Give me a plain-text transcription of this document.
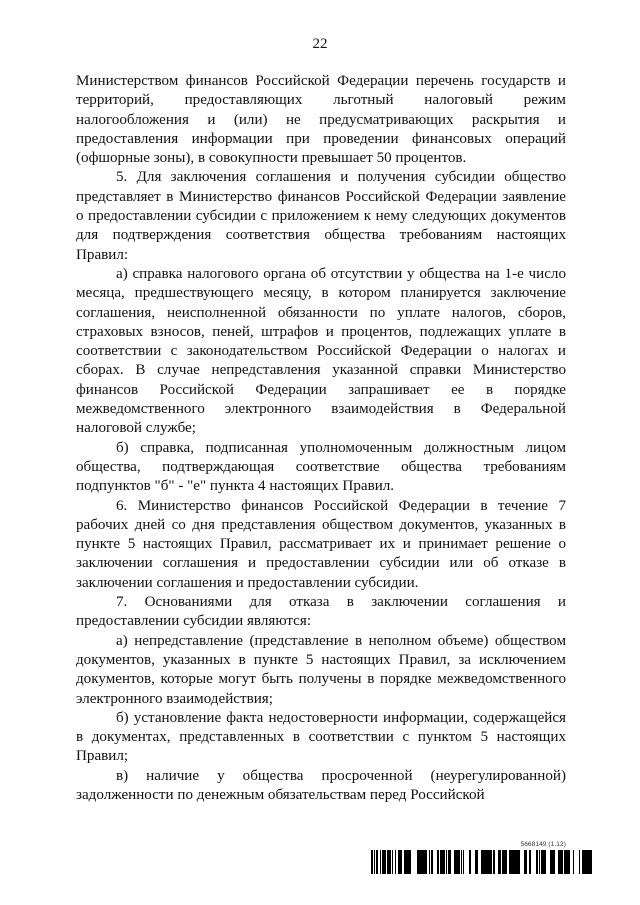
22

Министерством финансов Российской Федерации перечень государств и территорий, предоставляющих льготный налоговый режим налогообложения и (или) не предусматривающих раскрытия и предоставления информации при проведении финансовых операций (офшорные зоны), в совокупности превышает 50 процентов.

5. Для заключения соглашения и получения субсидии общество представляет в Министерство финансов Российской Федерации заявление о предоставлении субсидии с приложением к нему следующих документов для подтверждения соответствия общества требованиям настоящих Правил:

а) справка налогового органа об отсутствии у общества на 1-е число месяца, предшествующего месяцу, в котором планируется заключение соглашения, неисполненной обязанности по уплате налогов, сборов, страховых взносов, пеней, штрафов и процентов, подлежащих уплате в соответствии с законодательством Российской Федерации о налогах и сборах. В случае непредставления указанной справки Министерство финансов Российской Федерации запрашивает ее в порядке межведомственного электронного взаимодействия в Федеральной налоговой службе;

б) справка, подписанная уполномоченным должностным лицом общества, подтверждающая соответствие общества требованиям подпунктов "б" - "е" пункта 4 настоящих Правил.

6. Министерство финансов Российской Федерации в течение 7 рабочих дней со дня представления обществом документов, указанных в пункте 5 настоящих Правил, рассматривает их и принимает решение о заключении соглашения и предоставлении субсидии или об отказе в заключении соглашения и предоставлении субсидии.

7. Основаниями для отказа в заключении соглашения и предоставлении субсидии являются:

а) непредставление (представление в неполном объеме) обществом документов, указанных в пункте 5 настоящих Правил, за исключением документов, которые могут быть получены в порядке межведомственного электронного взаимодействия;

б) установление факта недостоверности информации, содержащейся в документах, представленных в соответствии с пунктом 5 настоящих Правил;

в) наличие у общества просроченной (неурегулированной) задолженности по денежным обязательствам перед Российской

5668149 (1.12)
